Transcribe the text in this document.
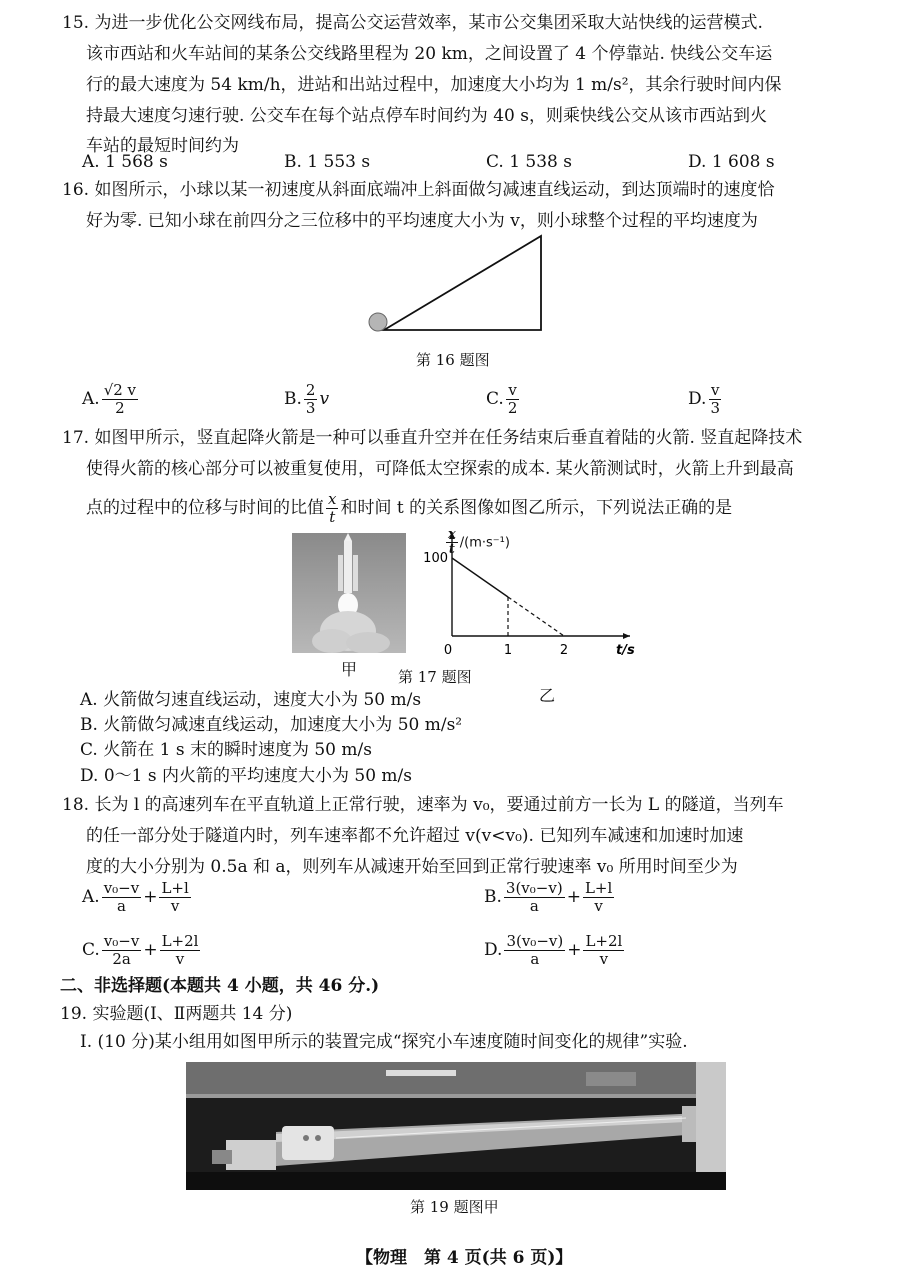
15. 为进一步优化公交网线布局，提高公交运营效率，某市公交集团采取大站快线的运营模式.
该市西站和火车站间的某条公交线路里程为 20 km，之间设置了 4 个停靠站. 快线公交车运
行的最大速度为 54 km/h，进站和出站过程中，加速度大小均为 1 m/s²，其余行驶时间内保
持最大速度匀速行驶. 公交车在每个站点停车时间约为 40 s，则乘快线公交从该市西站到火
车站的最短时间约为
A. 1 568 s	B. 1 553 s	C. 1 538 s	D. 1 608 s
16. 如图所示，小球以某一初速度从斜面底端冲上斜面做匀减速直线运动，到达顶端时的速度恰
好为零. 已知小球在前四分之三位移中的平均速度大小为 v，则小球整个过程的平均速度为
第 16 题图
A. $\frac{√2 v}{2}$	B. $\frac{2}{3}$ v	C. $\frac{v}{2}$	D. $\frac{v}{3}$
17. 如图甲所示，竖直起降火箭是一种可以垂直升空并在任务结束后垂直着陆的火箭. 竖直起降技术
使得火箭的核心部分可以被重复使用，可降低太空探索的成本. 某火箭测试时，火箭上升到最高
点的过程中的位移与时间的比值 $\frac{x}{t}$ 和时间 t 的关系图像如图乙所示，下列说法正确的是
甲
0	1	2
100
t/s
$\frac{x}{t} /(m\cdot s^{-1})$
第 17 题图
乙
A. 火箭做匀速直线运动，速度大小为 50 m/s
B. 火箭做匀减速直线运动，加速度大小为 50 m/s²
C. 火箭在 1 s 末的瞬时速度为 50 m/s
D. 0～1 s 内火箭的平均速度大小为 50 m/s
18. 长为 l 的高速列车在平直轨道上正常行驶，速率为 v₀，要通过前方一长为 L 的隧道，当列车
的任一部分处于隧道内时，列车速率都不允许超过 v(v<v₀). 已知列车减速和加速时加速
度的大小分别为 0.5a 和 a，则列车从减速开始至回到正常行驶速率 v₀ 所用时间至少为
A. $\frac{\text{v₀−v}}{a} + \frac{L+l}{v}$	B. $\frac{\text{3(v₀−v)}}{a} + \frac{L+l}{v}$
C. $\frac{\text{v₀−v}}{2a} + \frac{L+2l}{v}$	D. $\frac{\text{3(v₀−v)}}{a} + \frac{L+2l}{v}$
二、非选择题(本题共 4 小题，共 46 分.)
19. 实验题(Ⅰ、Ⅱ两题共 14 分)
Ⅰ. (10 分)某小组用如图甲所示的装置完成“探究小车速度随时间变化的规律”实验.
第 19 题图甲
【物理　第 4 页(共 6 页)】
